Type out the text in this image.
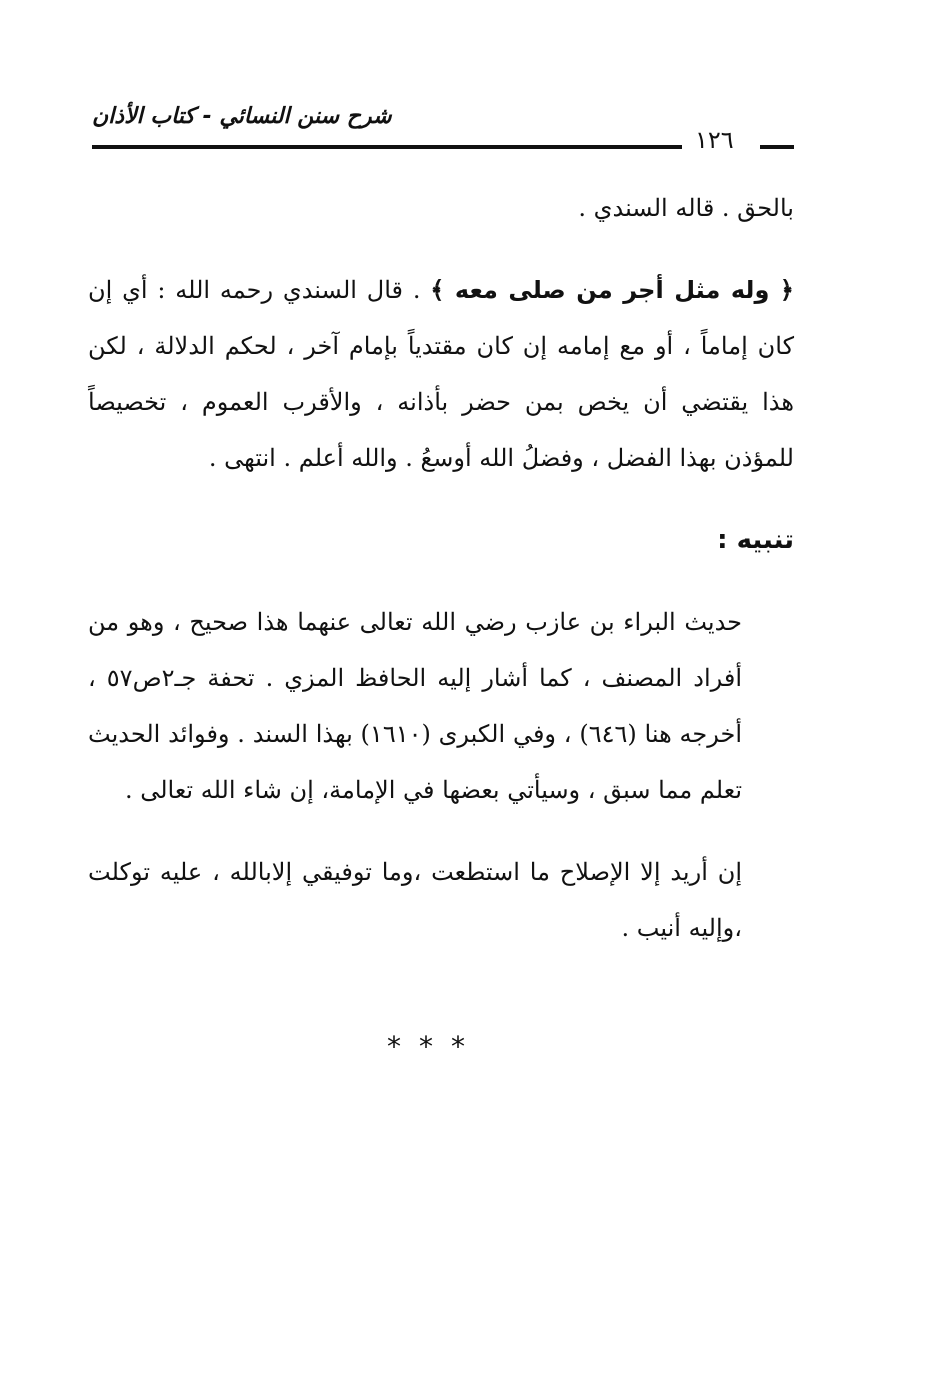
شرح سنن النسائي - كتاب الأذان
١٢٦

بالحق . قاله السندي .

﴿ وله مثل أجر من صلى معه ﴾ . قال السندي رحمه الله : أي إن كان إماماً ، أو مع إمامه إن كان مقتدياً بإمام آخر ، لحكم الدلالة ، لكن هذا يقتضي أن يخص بمن حضر بأذانه ، والأقرب العموم ، تخصيصاً للمؤذن بهذا الفضل ، وفضلُ الله أوسعُ . والله أعلم . انتهى .

تنبيه :

حديث البراء بن عازب رضي الله تعالى عنهما هذا صحيح ، وهو من أفراد المصنف ، كما أشار إليه الحافظ المزي . تحفة جـ٢ص٥٧ ، أخرجه هنا (٦٤٦) ، وفي الكبرى (١٦١٠) بهذا السند . وفوائد الحديث تعلم مما سبق ، وسيأتي بعضها في الإمامة، إن شاء الله تعالى .

إن أريد إلا الإصلاح ما استطعت ،وما توفيقي إلابالله ، عليه توكلت ،وإليه أنيب .

***
